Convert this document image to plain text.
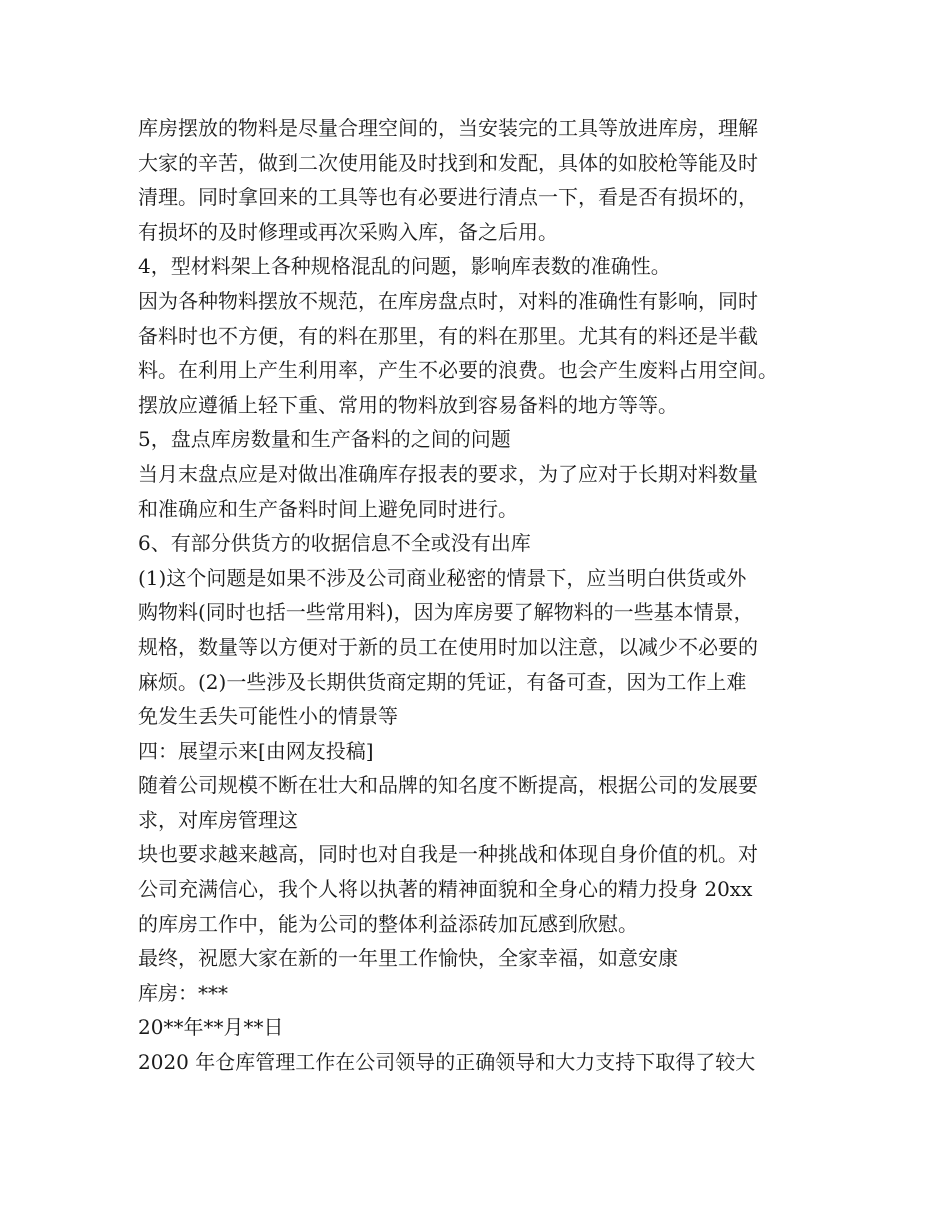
库房摆放的物料是尽量合理空间的，当安装完的工具等放进库房，理解
大家的辛苦，做到二次使用能及时找到和发配，具体的如胶枪等能及时
清理。同时拿回来的工具等也有必要进行清点一下，看是否有损坏的，
有损坏的及时修理或再次采购入库，备之后用。
4，型材料架上各种规格混乱的问题，影响库表数的准确性。
因为各种物料摆放不规范，在库房盘点时，对料的准确性有影响，同时
备料时也不方便，有的料在那里，有的料在那里。尤其有的料还是半截
料。在利用上产生利用率，产生不必要的浪费。也会产生废料占用空间。
摆放应遵循上轻下重、常用的物料放到容易备料的地方等等。
5，盘点库房数量和生产备料的之间的问题
当月末盘点应是对做出准确库存报表的要求，为了应对于长期对料数量
和准确应和生产备料时间上避免同时进行。
6、有部分供货方的收据信息不全或没有出库
(1)这个问题是如果不涉及公司商业秘密的情景下，应当明白供货或外
购物料(同时也括一些常用料)，因为库房要了解物料的一些基本情景，
规格，数量等以方便对于新的员工在使用时加以注意，以减少不必要的
麻烦。(2)一些涉及长期供货商定期的凭证，有备可查，因为工作上难
免发生丢失可能性小的情景等
四：展望示来[由网友投稿]
随着公司规模不断在壮大和品牌的知名度不断提高，根据公司的发展要
求，对库房管理这
块也要求越来越高，同时也对自我是一种挑战和体现自身价值的机。对
公司充满信心，我个人将以执著的精神面貌和全身心的精力投身 20xx
的库房工作中，能为公司的整体利益添砖加瓦感到欣慰。
最终，祝愿大家在新的一年里工作愉快，全家幸福，如意安康
库房：***
20**年**月**日
2020 年仓库管理工作在公司领导的正确领导和大力支持下取得了较大
